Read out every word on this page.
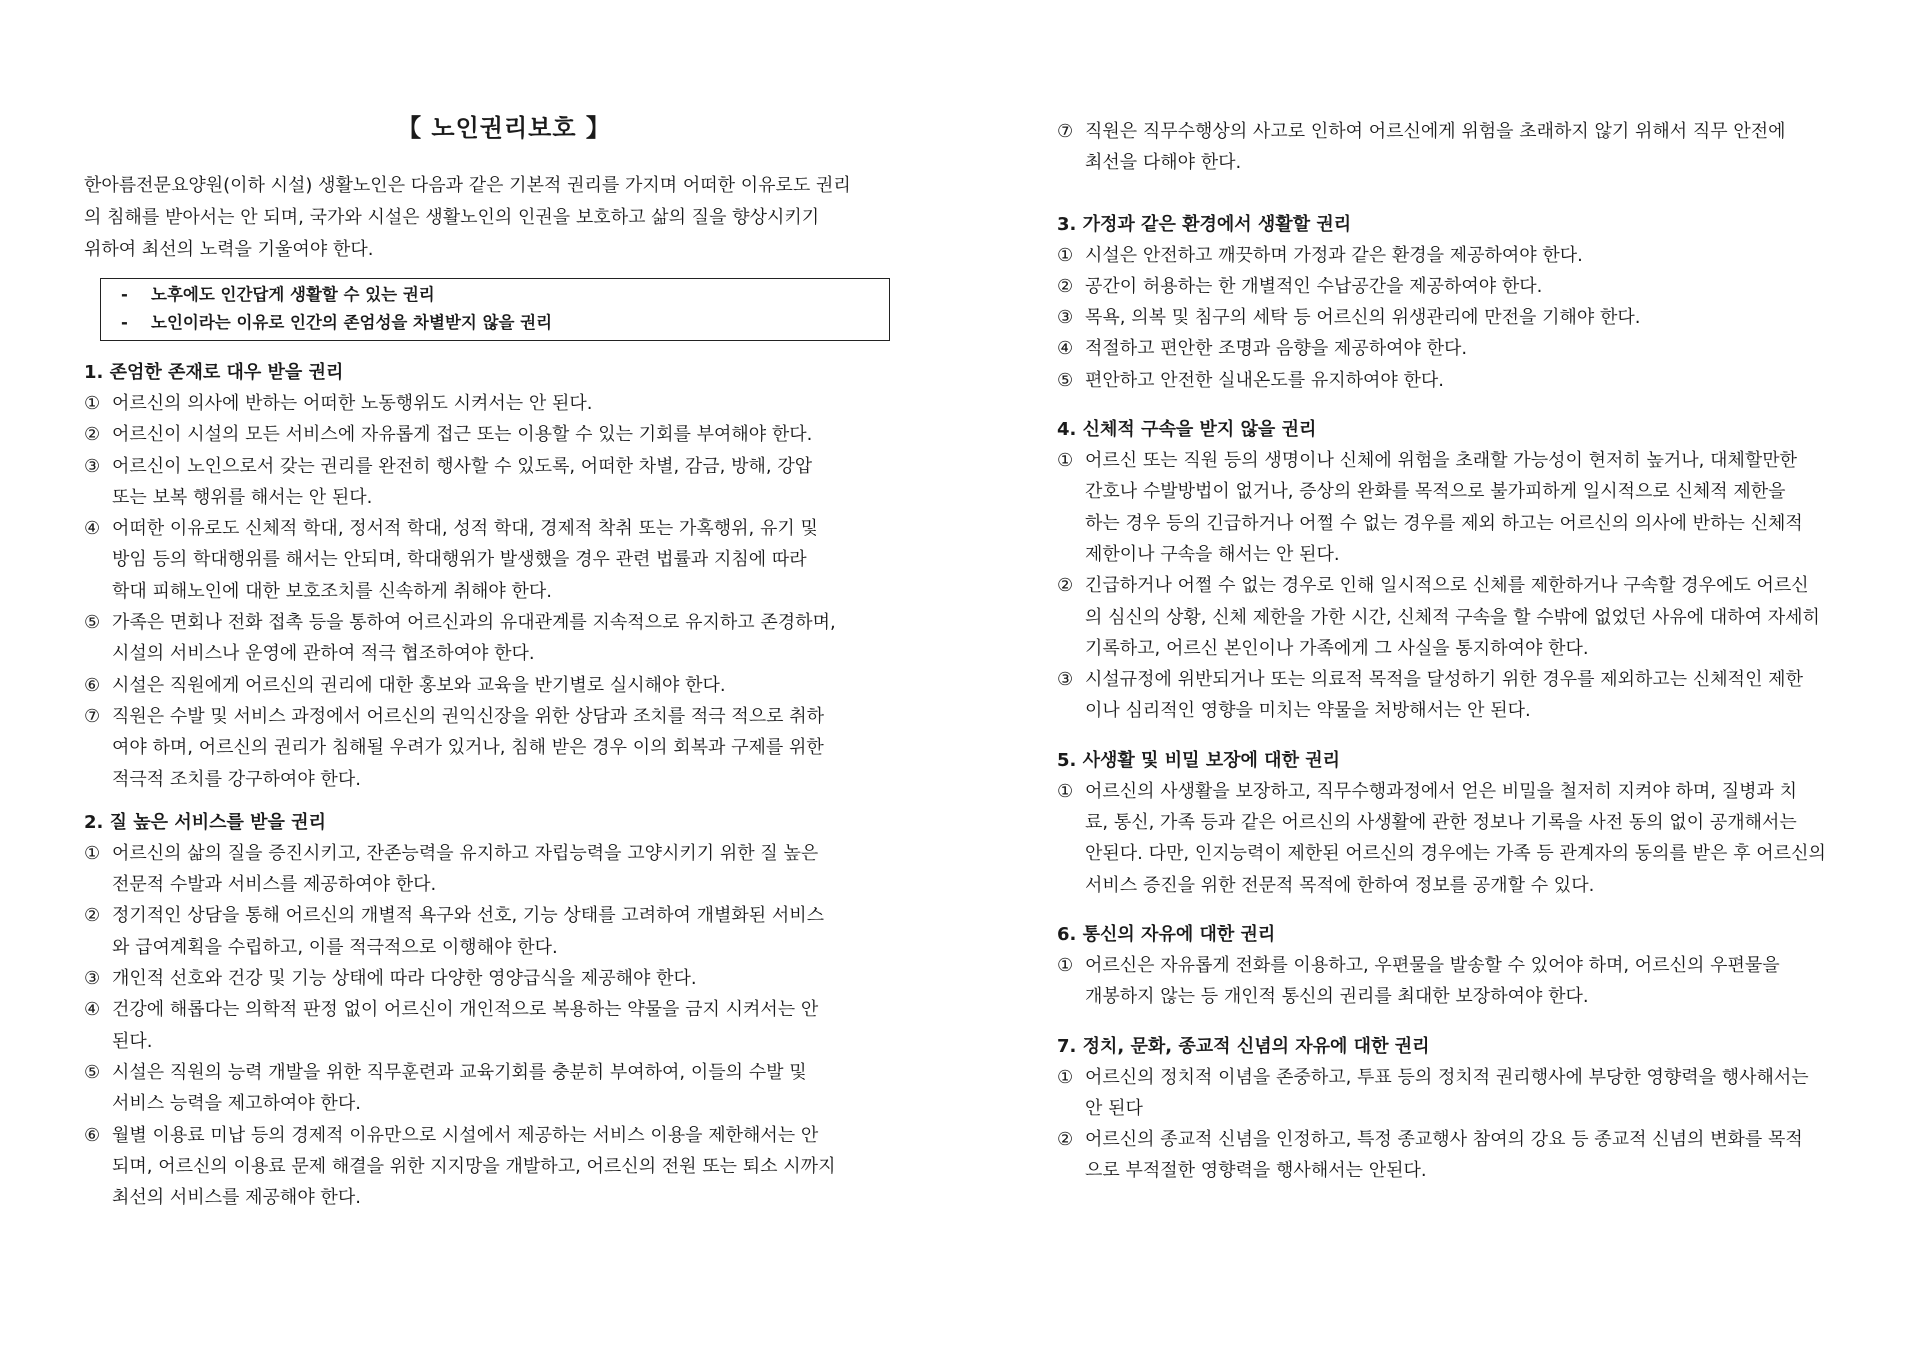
【 노인권리보호 】
한아름전문요양원(이하 시설) 생활노인은 다음과 같은 기본적 권리를 가지며 어떠한 이유로도 권리
의 침해를 받아서는 안 되며, 국가와 시설은 생활노인의 인권을 보호하고 삶의 질을 향상시키기
위하여 최선의 노력을 기울여야 한다.
-	노후에도 인간답게 생활할 수 있는 권리
-	노인이라는 이유로 인간의 존엄성을 차별받지 않을 권리
1. 존엄한 존재로 대우 받을 권리
① 어르신의 의사에 반하는 어떠한 노동행위도 시켜서는 안 된다.
② 어르신이 시설의 모든 서비스에 자유롭게 접근 또는 이용할 수 있는 기회를 부여해야 한다.
③ 어르신이 노인으로서 갖는 권리를 완전히 행사할 수 있도록, 어떠한 차별, 감금, 방해, 강압
또는 보복 행위를 해서는 안 된다.
④ 어떠한 이유로도 신체적 학대, 정서적 학대, 성적 학대, 경제적 착취 또는 가혹행위, 유기 및
방임 등의 학대행위를 해서는 안되며, 학대행위가 발생했을 경우 관련 법률과 지침에 따라
학대 피해노인에 대한 보호조치를 신속하게 취해야 한다.
⑤ 가족은 면회나 전화 접촉 등을 통하여 어르신과의 유대관계를 지속적으로 유지하고 존경하며,
시설의 서비스나 운영에 관하여 적극 협조하여야 한다.
⑥ 시설은 직원에게 어르신의 권리에 대한 홍보와 교육을 반기별로 실시해야 한다.
⑦ 직원은 수발 및 서비스 과정에서 어르신의 권익신장을 위한 상담과 조치를 적극 적으로 취하
여야 하며, 어르신의 권리가 침해될 우려가 있거나, 침해 받은 경우 이의 회복과 구제를 위한
적극적 조치를 강구하여야 한다.
2. 질 높은 서비스를 받을 권리
① 어르신의 삶의 질을 증진시키고, 잔존능력을 유지하고 자립능력을 고양시키기 위한 질 높은
전문적 수발과 서비스를 제공하여야 한다.
② 정기적인 상담을 통해 어르신의 개별적 욕구와 선호, 기능 상태를 고려하여 개별화된 서비스
와 급여계획을 수립하고, 이를 적극적으로 이행해야 한다.
③ 개인적 선호와 건강 및 기능 상태에 따라 다양한 영양급식을 제공해야 한다.
④ 건강에 해롭다는 의학적 판정 없이 어르신이 개인적으로 복용하는 약물을 금지 시켜서는 안
된다.
⑤ 시설은 직원의 능력 개발을 위한 직무훈련과 교육기회를 충분히 부여하여, 이들의 수발 및
서비스 능력을 제고하여야 한다.
⑥ 월별 이용료 미납 등의 경제적 이유만으로 시설에서 제공하는 서비스 이용을 제한해서는 안
되며, 어르신의 이용료 문제 해결을 위한 지지망을 개발하고, 어르신의 전원 또는 퇴소 시까지
최선의 서비스를 제공해야 한다.
⑦ 직원은 직무수행상의 사고로 인하여 어르신에게 위험을 초래하지 않기 위해서 직무 안전에
최선을 다해야 한다.
3. 가정과 같은 환경에서 생활할 권리
① 시설은 안전하고 깨끗하며 가정과 같은 환경을 제공하여야 한다.
② 공간이 허용하는 한 개별적인 수납공간을 제공하여야 한다.
③ 목욕, 의복 및 침구의 세탁 등 어르신의 위생관리에 만전을 기해야 한다.
④ 적절하고 편안한 조명과 음향을 제공하여야 한다.
⑤ 편안하고 안전한 실내온도를 유지하여야 한다.
4. 신체적 구속을 받지 않을 권리
① 어르신 또는 직원 등의 생명이나 신체에 위험을 초래할 가능성이 현저히 높거나, 대체할만한
간호나 수발방법이 없거나, 증상의 완화를 목적으로 불가피하게 일시적으로 신체적 제한을
하는 경우 등의 긴급하거나 어쩔 수 없는 경우를 제외 하고는 어르신의 의사에 반하는 신체적
제한이나 구속을 해서는 안 된다.
② 긴급하거나 어쩔 수 없는 경우로 인해 일시적으로 신체를 제한하거나 구속할 경우에도 어르신
의 심신의 상황, 신체 제한을 가한 시간, 신체적 구속을 할 수밖에 없었던 사유에 대하여 자세히
기록하고, 어르신 본인이나 가족에게 그 사실을 통지하여야 한다.
③ 시설규정에 위반되거나 또는 의료적 목적을 달성하기 위한 경우를 제외하고는 신체적인 제한
이나 심리적인 영향을 미치는 약물을 처방해서는 안 된다.
5. 사생활 및 비밀 보장에 대한 권리
① 어르신의 사생활을 보장하고, 직무수행과정에서 얻은 비밀을 철저히 지켜야 하며, 질병과 치
료, 통신, 가족 등과 같은 어르신의 사생활에 관한 정보나 기록을 사전 동의 없이 공개해서는
안된다. 다만, 인지능력이 제한된 어르신의 경우에는 가족 등 관계자의 동의를 받은 후 어르신의
서비스 증진을 위한 전문적 목적에 한하여 정보를 공개할 수 있다.
6. 통신의 자유에 대한 권리
① 어르신은 자유롭게 전화를 이용하고, 우편물을 발송할 수 있어야 하며, 어르신의 우편물을
개봉하지 않는 등 개인적 통신의 권리를 최대한 보장하여야 한다.
7. 정치, 문화, 종교적 신념의 자유에 대한 권리
① 어르신의 정치적 이념을 존중하고, 투표 등의 정치적 권리행사에 부당한 영향력을 행사해서는
안 된다
② 어르신의 종교적 신념을 인정하고, 특정 종교행사 참여의 강요 등 종교적 신념의 변화를 목적
으로 부적절한 영향력을 행사해서는 안된다.
